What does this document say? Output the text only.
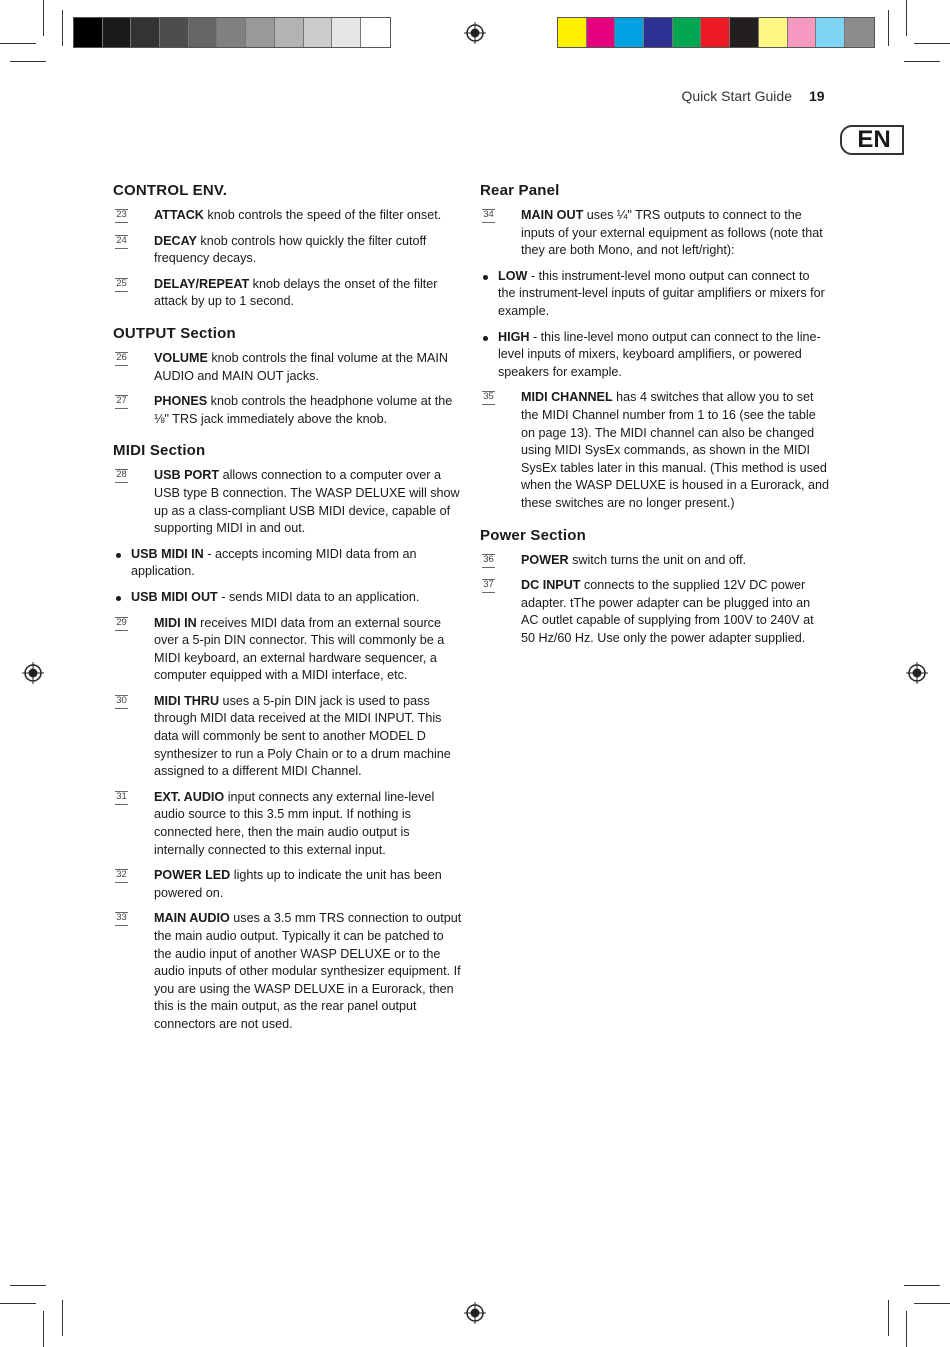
Quick Start Guide 19
EN
CONTROL ENV.
23 ATTACK knob controls the speed of the filter onset.
24 DECAY knob controls how quickly the filter cutoff frequency decays.
25 DELAY/REPEAT knob delays the onset of the filter attack by up to 1 second.
OUTPUT Section
26 VOLUME knob controls the final volume at the MAIN AUDIO and MAIN OUT jacks.
27 PHONES knob controls the headphone volume at the ⅛" TRS jack immediately above the knob.
MIDI Section
28 USB PORT allows connection to a computer over a USB type B connection. The WASP DELUXE will show up as a class-compliant USB MIDI device, capable of supporting MIDI in and out.
USB MIDI IN - accepts incoming MIDI data from an application.
USB MIDI OUT - sends MIDI data to an application.
29 MIDI IN receives MIDI data from an external source over a 5-pin DIN connector. This will commonly be a MIDI keyboard, an external hardware sequencer, a computer equipped with a MIDI interface, etc.
30 MIDI THRU uses a 5-pin DIN jack is used to pass through MIDI data received at the MIDI INPUT. This data will commonly be sent to another MODEL D synthesizer to run a Poly Chain or to a drum machine assigned to a different MIDI Channel.
31 EXT. AUDIO input connects any external line-level audio source to this 3.5 mm input. If nothing is connected here, then the main audio output is internally connected to this external input.
32 POWER LED lights up to indicate the unit has been powered on.
33 MAIN AUDIO uses a 3.5 mm TRS connection to output the main audio output. Typically it can be patched to the audio input of another WASP DELUXE or to the audio inputs of other modular synthesizer equipment. If you are using the WASP DELUXE in a Eurorack, then this is the main output, as the rear panel output connectors are not used.
Rear Panel
34 MAIN OUT uses ¼" TRS outputs to connect to the inputs of your external equipment as follows (note that they are both Mono, and not left/right):
LOW - this instrument-level mono output can connect to the instrument-level inputs of guitar amplifiers or mixers for example.
HIGH - this line-level mono output can connect to the line-level inputs of mixers, keyboard amplifiers, or powered speakers for example.
35 MIDI CHANNEL has 4 switches that allow you to set the MIDI Channel number from 1 to 16 (see the table on page 13). The MIDI channel can also be changed using MIDI SysEx commands, as shown in the MIDI SysEx tables later in this manual. (This method is used when the WASP DELUXE is housed in a Eurorack, and these switches are no longer present.)
Power Section
36 POWER switch turns the unit on and off.
37 DC INPUT connects to the supplied 12V DC power adapter. tThe power adapter can be plugged into an AC outlet capable of supplying from 100V to 240V at 50 Hz/60 Hz. Use only the power adapter supplied.
